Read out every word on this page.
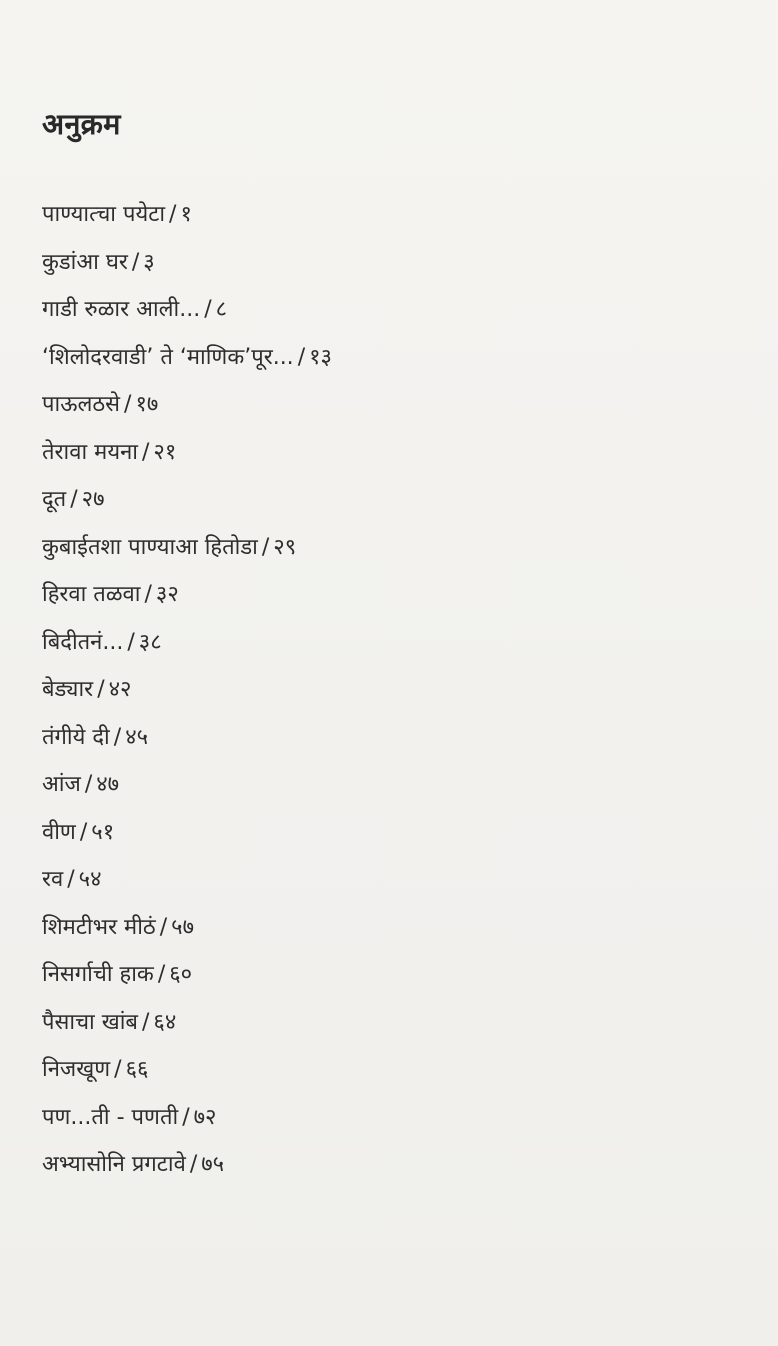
अनुक्रम
पाण्यात्चा पयेटा / १
कुडांआ घर / ३
गाडी रुळार आली... / ८
‘शिलोदरवाडी’ ते ‘माणिक’पूर... / १३
पाऊलठसे / १७
तेरावा मयना / २१
दूत / २७
कुबाईतशा पाण्याआ हितोडा / २९
हिरवा तळवा / ३२
बिदीतनं... / ३८
बेड्यार / ४२
तंगीये दी / ४५
आंज / ४७
वीण / ५१
रव / ५४
शिमटीभर मीठं / ५७
निसर्गाची हाक / ६०
पैसाचा खांब / ६४
निजखूण / ६६
पण...ती - पणती / ७२
अभ्यासोनि प्रगटावे / ७५
